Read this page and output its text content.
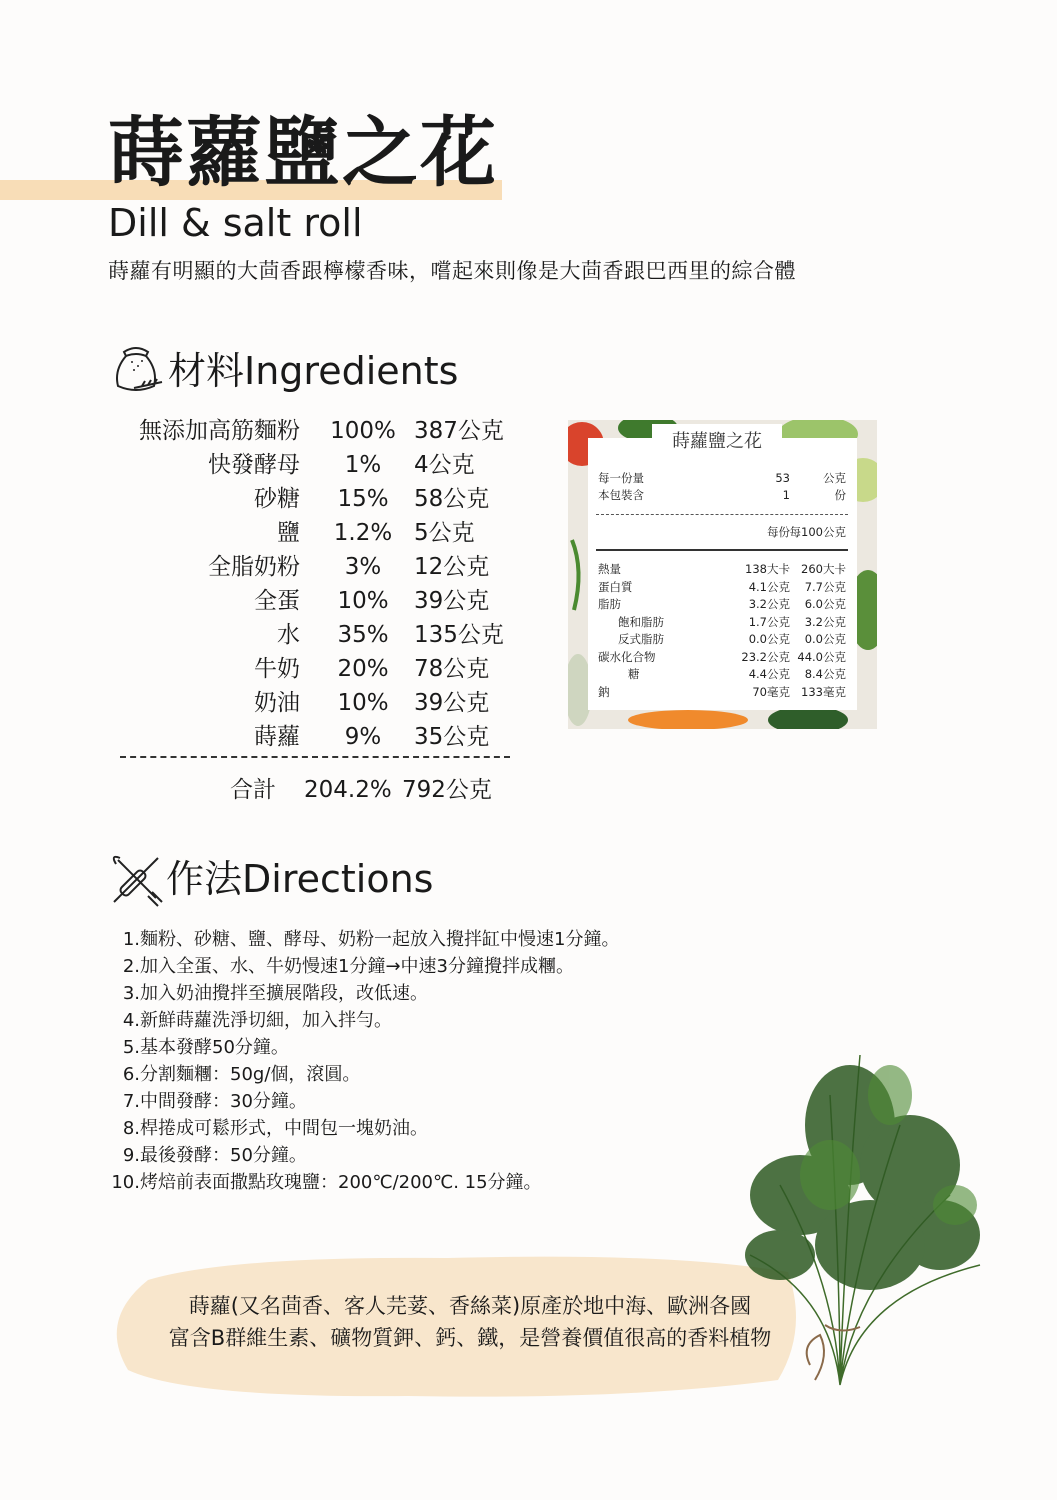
蒔蘿鹽之花
Dill & salt roll
蒔蘿有明顯的大茴香跟檸檬香味，嚐起來則像是大茴香跟巴西里的綜合體
材料Ingredients
無添加高筋麵粉	100%	387公克
快發酵母	1%	4公克
砂糖	15%	58公克
鹽	1.2%	5公克
全脂奶粉	3%	12公克
全蛋	10%	39公克
水	35%	135公克
牛奶	20%	78公克
奶油	10%	39公克
蒔蘿	9%	35公克
合計 204.2% 792公克
每一份量	53	公克
本包裝含	1	份
每份 每100公克
熱量	138大卡 260大卡
蛋白質	4.1公克	7.7公克
脂肪	3.2公克	6.0公克
飽和脂肪	1.7公克	3.2公克
反式脂肪	0.0公克	0.0公克
碳水化合物	23.2公克 44.0公克
糖	4.4公克	8.4公克
鈉	70毫克 133毫克
蒔蘿鹽之花
作法Directions
1.麵粉、砂糖、鹽、酵母、奶粉一起放入攪拌缸中慢速1分鐘。
2.加入全蛋、水、牛奶慢速1分鐘→中速3分鐘攪拌成糰。
3.加入奶油攪拌至擴展階段，改低速。
4.新鮮蒔蘿洗淨切細，加入拌勻。
5.基本發酵50分鐘。
6.分割麵糰：50g/個，滾圓。
7.中間發酵：30分鐘。
8.桿捲成可鬆形式，中間包一塊奶油。
9.最後發酵：50分鐘。
10.烤焙前表面撒點玫瑰鹽：200℃/200℃. 15分鐘。
蒔蘿(又名茴香、客人芫荽、香絲菜)原產於地中海、歐洲各國
富含B群維生素、礦物質鉀、鈣、鐵，是營養價值很高的香料植物
